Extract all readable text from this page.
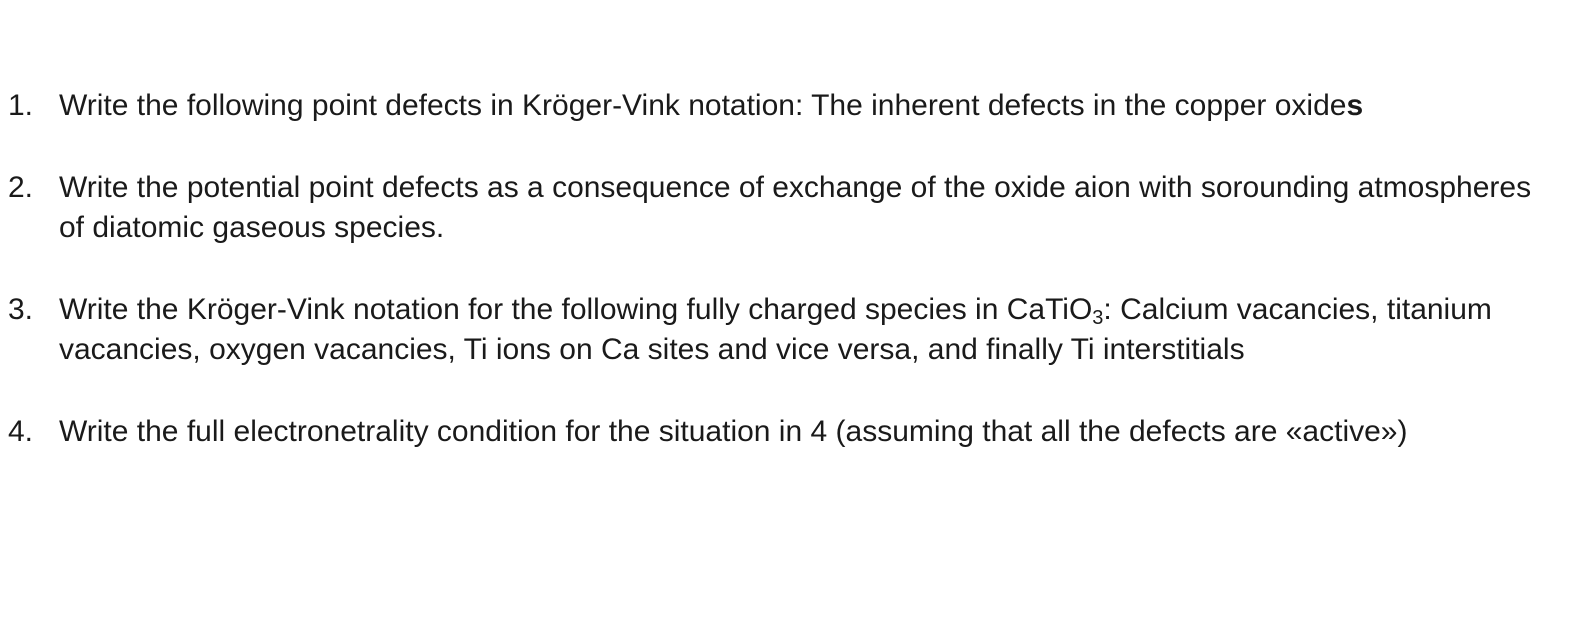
1. Write the following point defects in Kröger-Vink notation: The inherent defects in the copper oxides
2. Write the potential point defects as a consequence of exchange of the oxide aion with sorounding atmospheres of diatomic gaseous species.
3. Write the Kröger-Vink notation for the following fully charged species in CaTiO$_3$: Calcium vacancies, titanium vacancies, oxygen vacancies, Ti ions on Ca sites and vice versa, and finally Ti interstitials
4. Write the full electronetrality condition for the situation in 4 (assuming that all the defects are «active»)
